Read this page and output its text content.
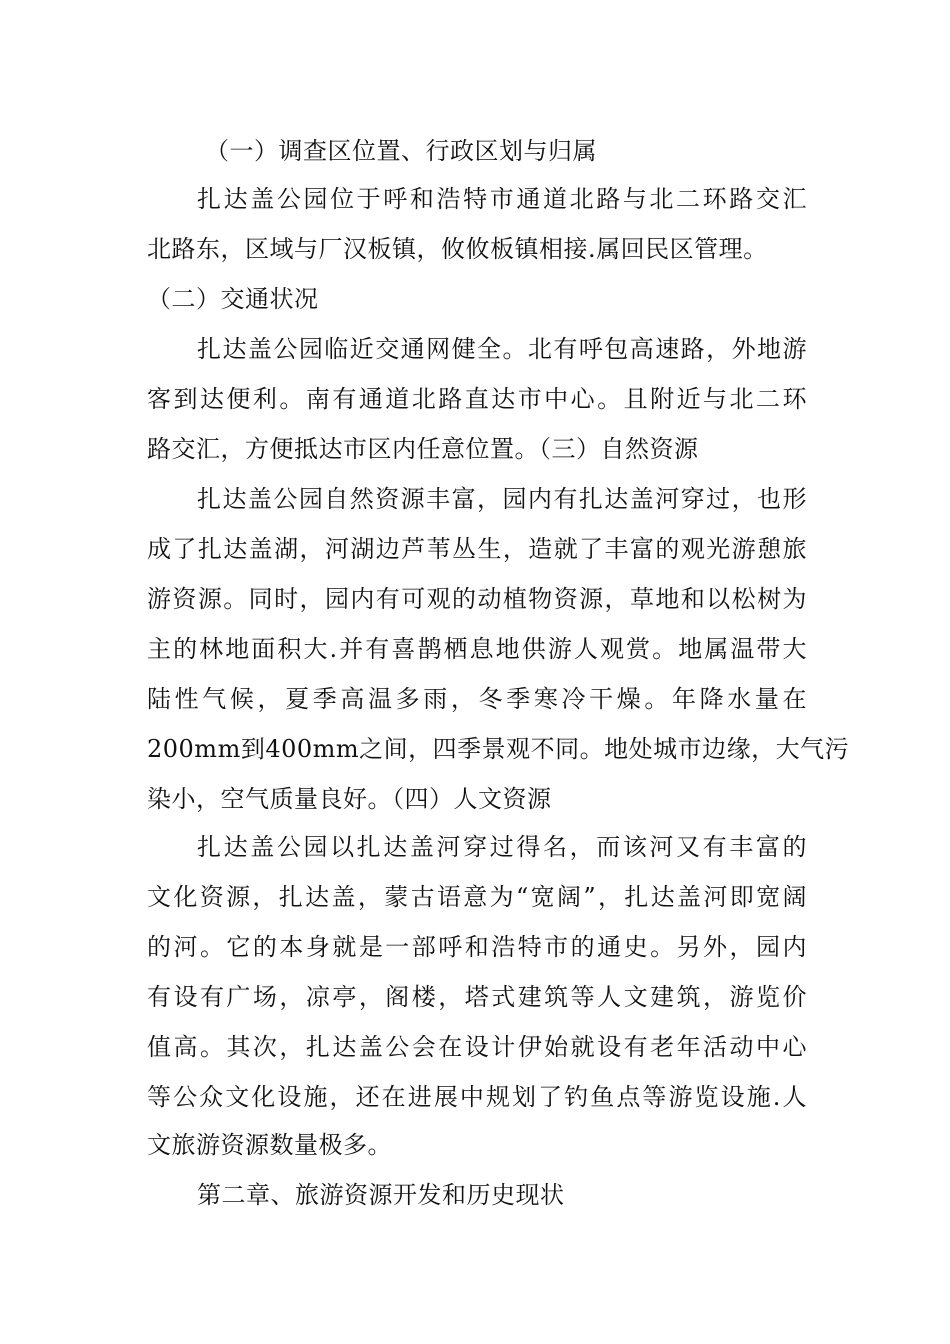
（一）调查区位置、行政区划与归属
扎达盖公园位于呼和浩特市通道北路与北二环路交汇
北路东，区域与厂汉板镇，攸攸板镇相接.属回民区管理。
（二）交通状况
扎达盖公园临近交通网健全。北有呼包高速路，外地游
客到达便利。南有通道北路直达市中心。且附近与北二环
路交汇，方便抵达市区内任意位置。（三）自然资源
扎达盖公园自然资源丰富，园内有扎达盖河穿过，也形
成了扎达盖湖，河湖边芦苇丛生，造就了丰富的观光游憩旅
游资源。同时，园内有可观的动植物资源，草地和以松树为
主的林地面积大.并有喜鹊栖息地供游人观赏。地属温带大
陆性气候，夏季高温多雨，冬季寒冷干燥。年降水量在
200mm到400mm之间，四季景观不同。地处城市边缘，大气污
染小，空气质量良好。（四）人文资源
扎达盖公园以扎达盖河穿过得名，而该河又有丰富的
文化资源，扎达盖，蒙古语意为“宽阔”，扎达盖河即宽阔
的河。它的本身就是一部呼和浩特市的通史。另外，园内
有设有广场，凉亭，阁楼，塔式建筑等人文建筑，游览价
值高。其次，扎达盖公会在设计伊始就设有老年活动中心
等公众文化设施，还在进展中规划了钓鱼点等游览设施.人
文旅游资源数量极多。
第二章、旅游资源开发和历史现状
